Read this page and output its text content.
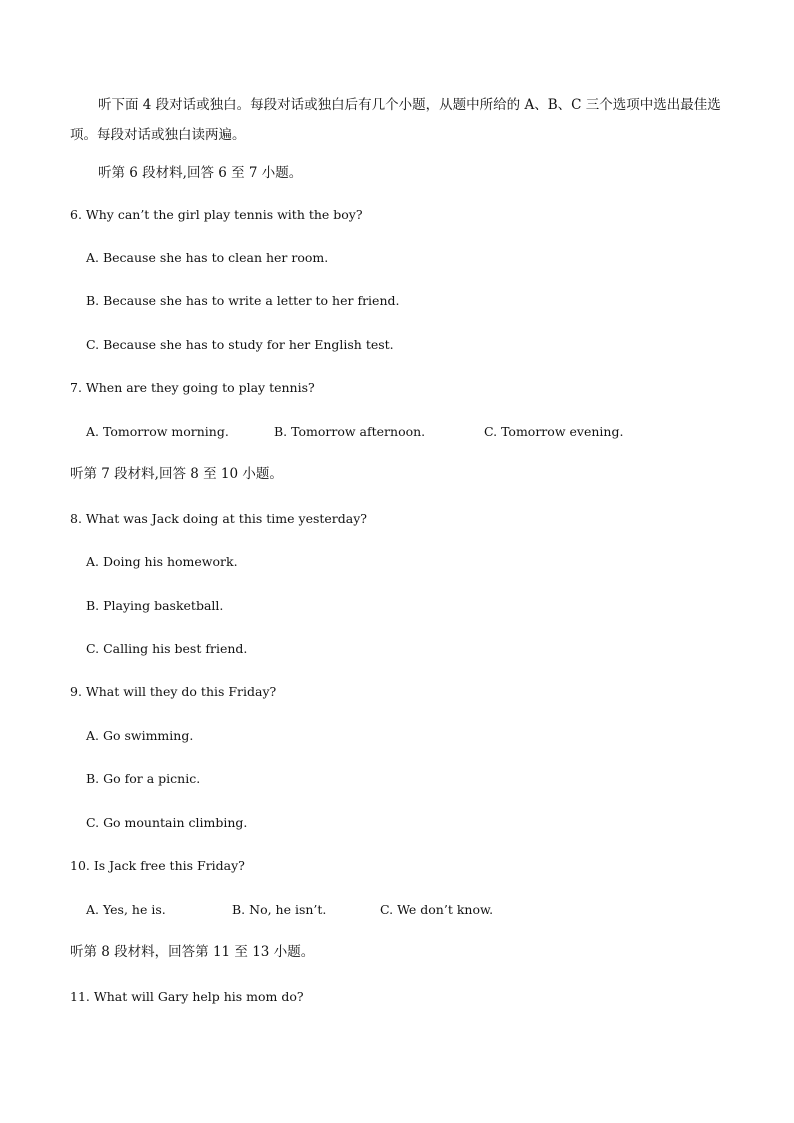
听下面 4 段对话或独白。每段对话或独白后有几个小题，从题中所给的 A、B、C 三个选项中选出最佳选项。每段对话或独白读两遍。
听第 6 段材料,回答 6 至 7 小题。
6. Why can’t the girl play tennis with the boy?
A. Because she has to clean her room.
B. Because she has to write a letter to her friend.
C. Because she has to study for her English test.
7. When are they going to play tennis?
A. Tomorrow morning.	B. Tomorrow afternoon.	C. Tomorrow evening.
听第 7 段材料,回答 8 至 10 小题。
8. What was Jack doing at this time yesterday?
A. Doing his homework.
B. Playing basketball.
C. Calling his best friend.
9. What will they do this Friday?
A. Go swimming.
B. Go for a picnic.
C. Go mountain climbing.
10. Is Jack free this Friday?
A. Yes, he is.	B. No, he isn’t.	C. We don’t know.
听第 8 段材料，回答第 11 至 13 小题。
11. What will Gary help his mom do?
